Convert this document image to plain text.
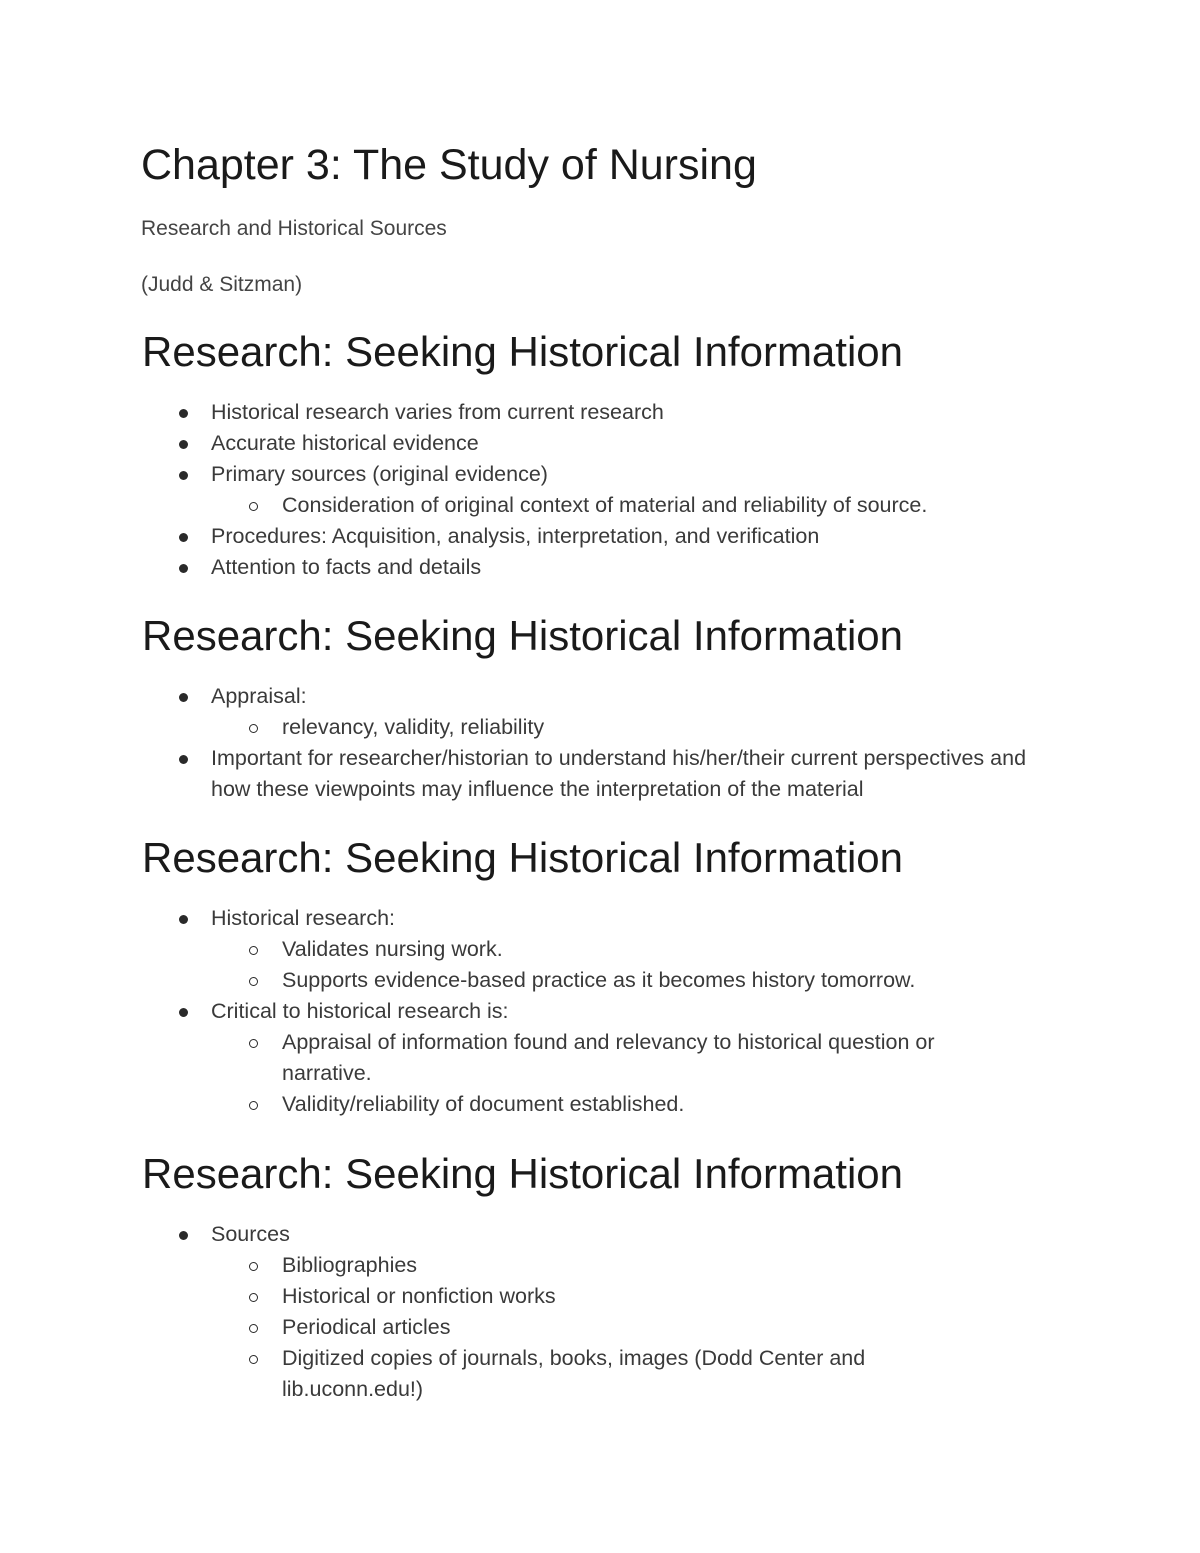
Chapter 3: The Study of Nursing

Research and Historical Sources

(Judd & Sitzman)

Research: Seeking Historical Information
Historical research varies from current research
Accurate historical evidence
Primary sources (original evidence)
Consideration of original context of material and reliability of source.
Procedures: Acquisition, analysis, interpretation, and verification
Attention to facts and details
Research: Seeking Historical Information
Appraisal:
relevancy, validity, reliability
Important for researcher/historian to understand his/her/their current perspectives and how these viewpoints may influence the interpretation of the material
Research: Seeking Historical Information
Historical research:
Validates nursing work.
Supports evidence-based practice as it becomes history tomorrow.
Critical to historical research is:
Appraisal of information found and relevancy to historical question or narrative.
Validity/reliability of document established.
Research: Seeking Historical Information
Sources
Bibliographies
Historical or nonfiction works
Periodical articles
Digitized copies of journals, books, images (Dodd Center and lib.uconn.edu!)
